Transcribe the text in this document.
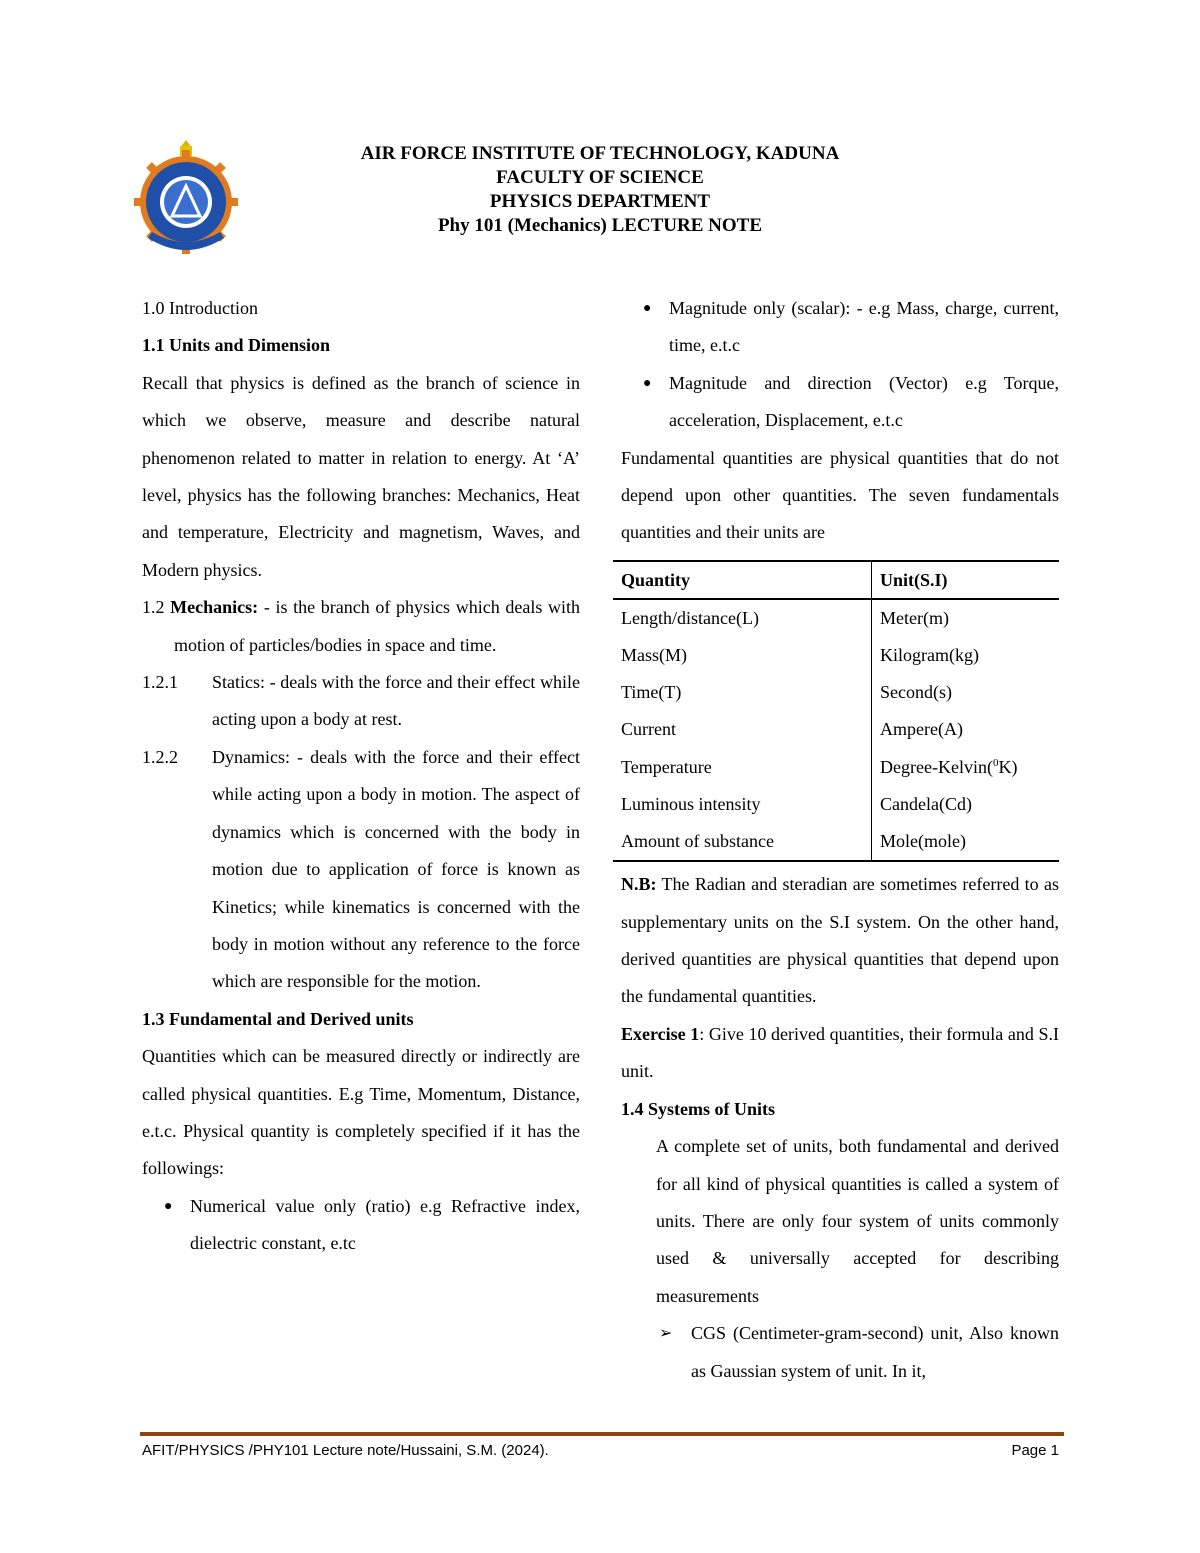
AIR FORCE INSTITUTE OF TECHNOLOGY, KADUNA
FACULTY OF SCIENCE
PHYSICS DEPARTMENT
Phy 101 (Mechanics) LECTURE NOTE
1.0 Introduction
1.1 Units and Dimension
Recall that physics is defined as the branch of science in which we observe, measure and describe natural phenomenon related to matter in relation to energy. At ‘A’ level, physics has the following branches: Mechanics, Heat and temperature, Electricity and magnetism, Waves, and Modern physics.
1.2 Mechanics: - is the branch of physics which deals with motion of particles/bodies in space and time.
1.2.1	Statics: - deals with the force and their effect while acting upon a body at rest.
1.2.2	Dynamics: - deals with the force and their effect while acting upon a body in motion. The aspect of dynamics which is concerned with the body in motion due to application of force is known as Kinetics; while kinematics is concerned with the body in motion without any reference to the force which are responsible for the motion.
1.3 Fundamental and Derived units
Quantities which can be measured directly or indirectly are called physical quantities. E.g Time, Momentum, Distance, e.t.c. Physical quantity is completely specified if it has the followings:
● Numerical value only (ratio) e.g Refractive index, dielectric constant, e.tc
● Magnitude only (scalar): - e.g Mass, charge, current, time, e.t.c
● Magnitude and direction (Vector) e.g Torque, acceleration, Displacement, e.t.c
Fundamental quantities are physical quantities that do not depend upon other quantities. The seven fundamentals quantities and their units are
Quantity	Unit(S.I)
Length/distance(L)	Meter(m)
Mass(M)	Kilogram(kg)
Time(T)	Second(s)
Current	Ampere(A)
Temperature	Degree-Kelvin($^0$K)
Luminous intensity	Candela(Cd)
Amount of substance	Mole(mole)
N.B: The Radian and steradian are sometimes referred to as supplementary units on the S.I system. On the other hand, derived quantities are physical quantities that depend upon the fundamental quantities.
Exercise 1: Give 10 derived quantities, their formula and S.I unit.
1.4 Systems of Units
A complete set of units, both fundamental and derived for all kind of physical quantities is called a system of units. There are only four system of units commonly used & universally accepted for describing measurements
➢	CGS (Centimeter-gram-second) unit, Also known as Gaussian system of unit. In it,
AFIT/PHYSICS /PHY101 Lecture note/Hussaini, S.M. (2024).	Page 1
